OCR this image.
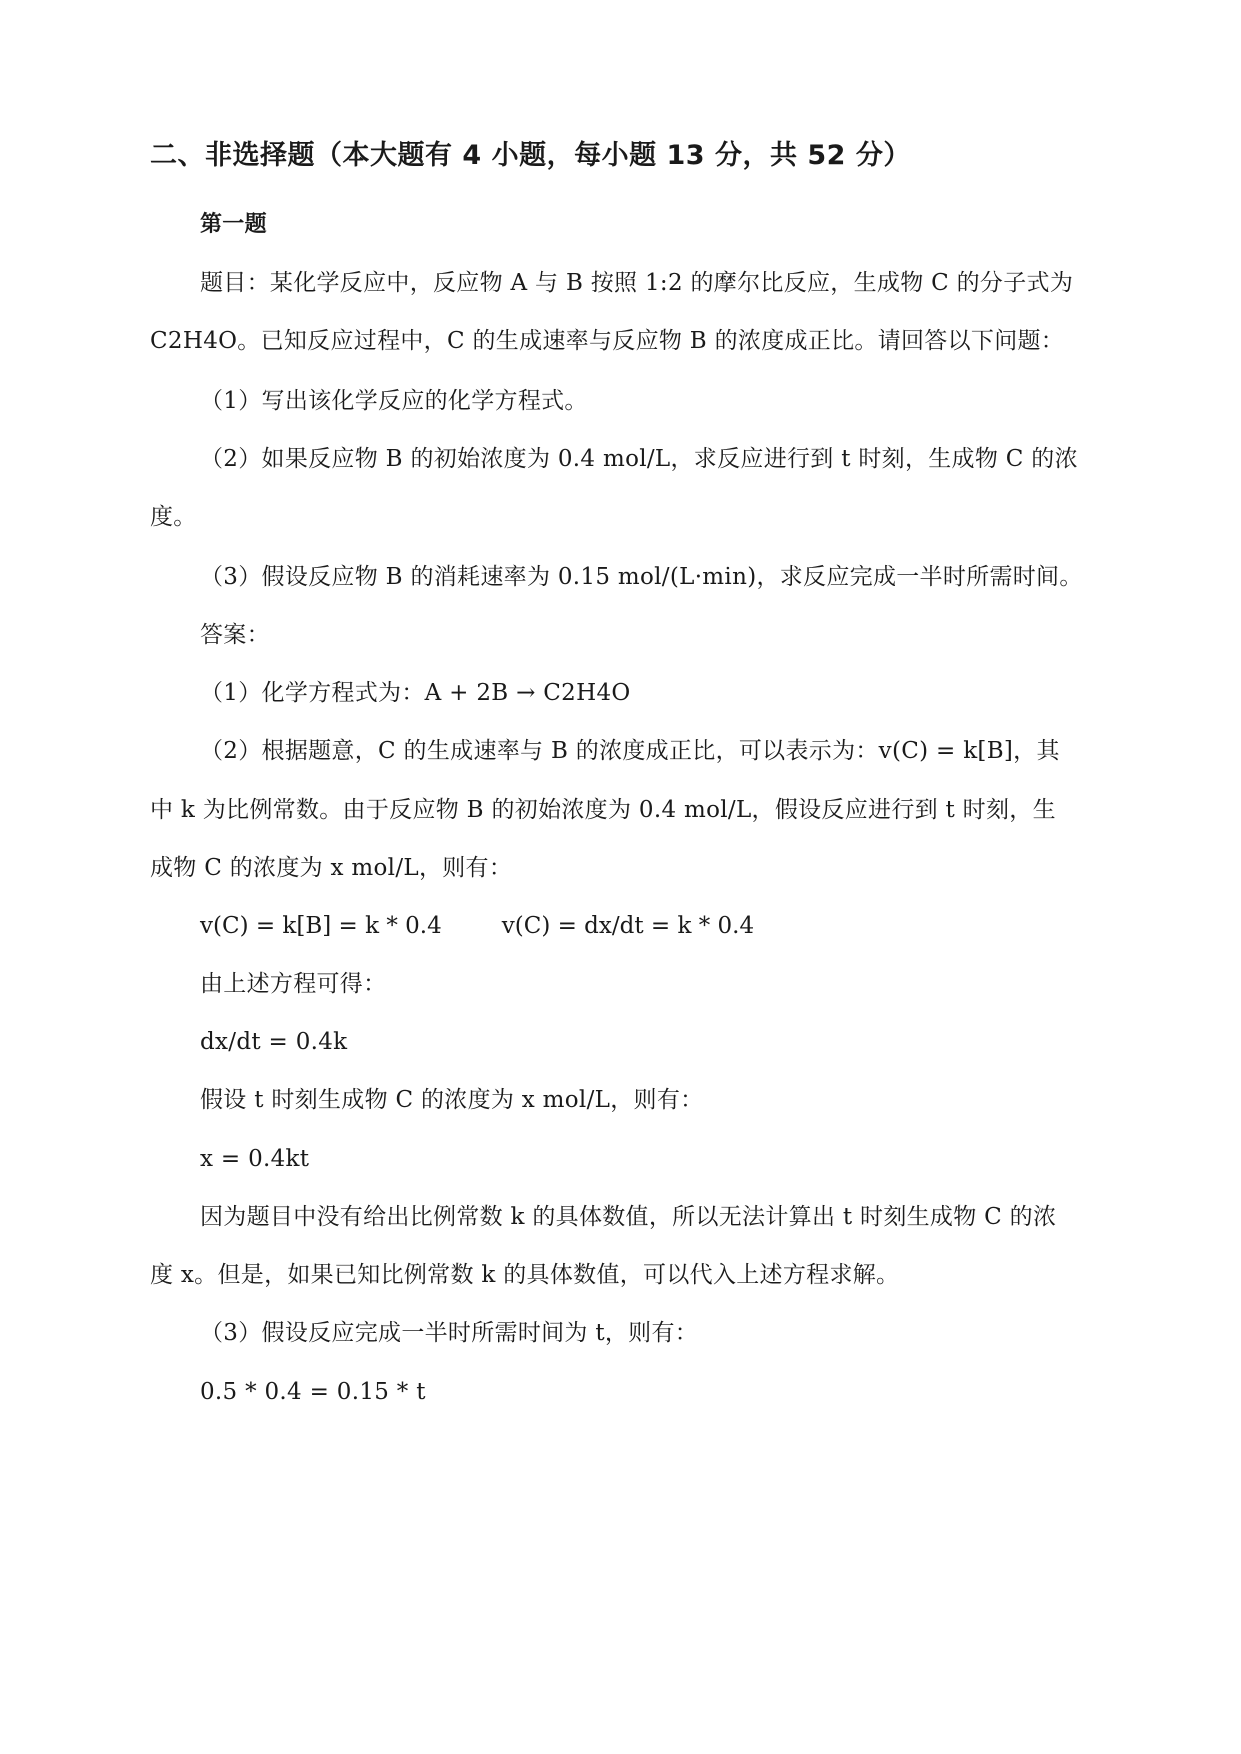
二、非选择题（本大题有 4 小题，每小题 13 分，共 52 分）
第一题
题目：某化学反应中，反应物 A 与 B 按照 1:2 的摩尔比反应，生成物 C 的分子式为
C2H4O。已知反应过程中，C 的生成速率与反应物 B 的浓度成正比。请回答以下问题：
（1）写出该化学反应的化学方程式。
（2）如果反应物 B 的初始浓度为 0.4 mol/L，求反应进行到 t 时刻，生成物 C 的浓
度。
（3）假设反应物 B 的消耗速率为 0.15 mol/(L·min)，求反应完成一半时所需时间。
答案：
（1）化学方程式为：A + 2B → C2H4O
（2）根据题意，C 的生成速率与 B 的浓度成正比，可以表示为：v(C) = k[B]，其
中 k 为比例常数。由于反应物 B 的初始浓度为 0.4 mol/L，假设反应进行到 t 时刻，生
成物 C 的浓度为 x mol/L，则有：
v(C) = k[B] = k * 0.4	v(C) = dx/dt = k * 0.4
由上述方程可得：
dx/dt = 0.4k
假设 t 时刻生成物 C 的浓度为 x mol/L，则有：
x = 0.4kt
因为题目中没有给出比例常数 k 的具体数值，所以无法计算出 t 时刻生成物 C 的浓
度 x。但是，如果已知比例常数 k 的具体数值，可以代入上述方程求解。
（3）假设反应完成一半时所需时间为 t，则有：
0.5 * 0.4 = 0.15 * t
